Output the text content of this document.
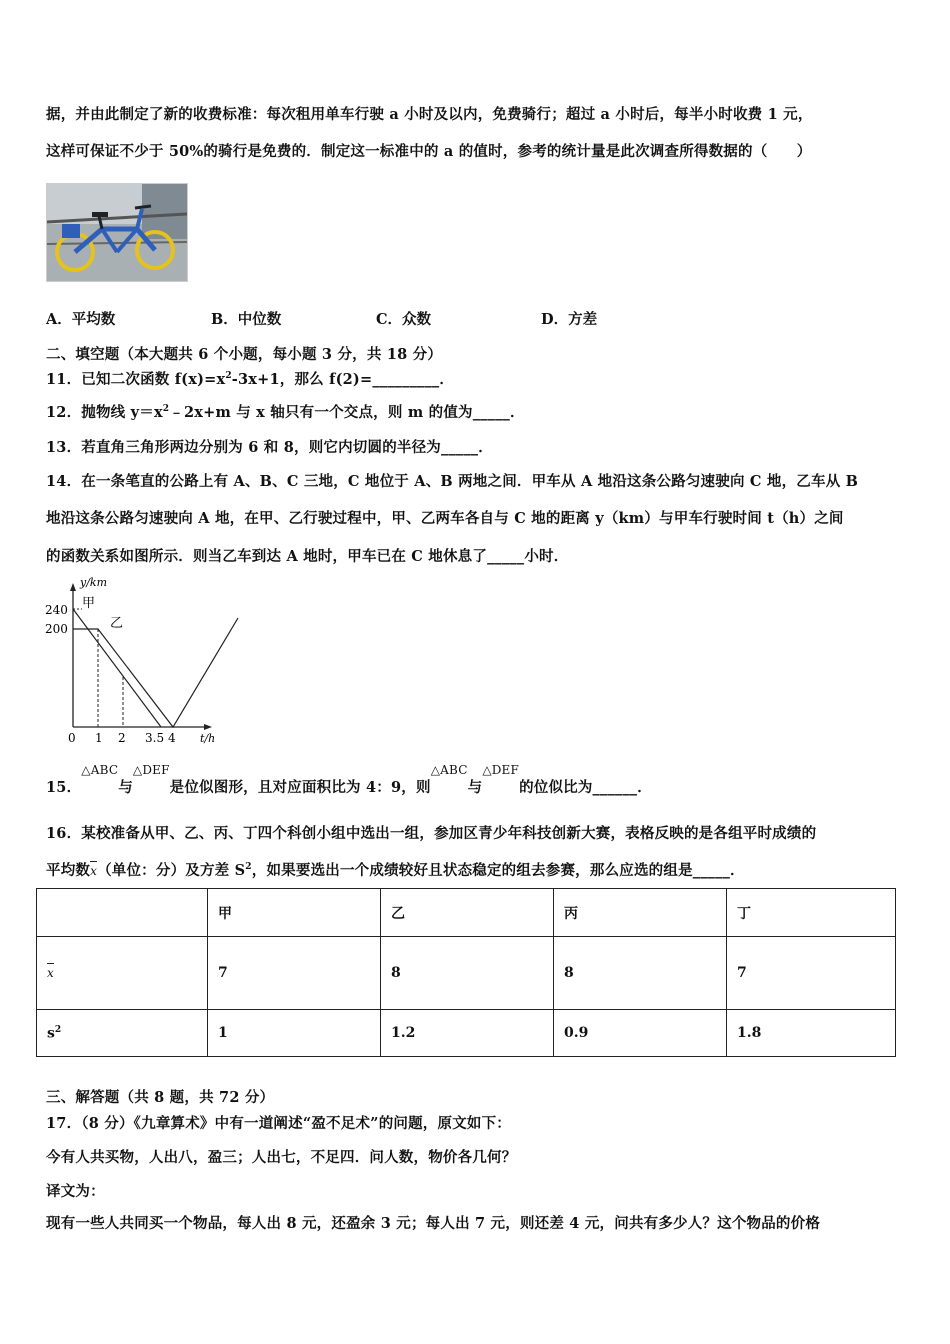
据，并由此制定了新的收费标准：每次租用单车行驶 a 小时及以内，免费骑行；超过 a 小时后，每半小时收费 1 元，
这样可保证不少于 50%的骑行是免费的．制定这一标准中的 a 的值时，参考的统计量是此次调查所得数据的（　　）
A．平均数	B．中位数	C．众数	D．方差
二、填空题（本大题共 6 个小题，每小题 3 分，共 18 分）
11．已知二次函数 $f(x)=x^2-3x+1$，那么 f(2)=_________．
12．抛物线 $y=x^2﹣2x+m$ 与 x 轴只有一个交点，则 m 的值为_____．
13．若直角三角形两边分别为 6 和 8，则它内切圆的半径为_____．
14．在一条笔直的公路上有 A、B、C 三地，C 地位于 A、B 两地之间．甲车从 A 地沿这条公路匀速驶向 C 地，乙车从 B
地沿这条公路匀速驶向 A 地，在甲、乙行驶过程中，甲、乙两车各自与 C 地的距离 y（km）与甲车行驶时间 t（h）之间
的函数关系如图所示．则当乙车到达 A 地时，甲车已在 C 地休息了_____小时．
y/km
t/h
240
200
0 1 2 3.5 4
甲
乙
15．$^{\triangle ABC}$与$^{\triangle DEF}$是位似图形，且对应面积比为 4：9，则$^{\triangle ABC}$与$^{\triangle DEF}$的位似比为______．
16．某校准备从甲、乙、丙、丁四个科创小组中选出一组，参加区青少年科技创新大赛，表格反映的是各组平时成绩的
平均数x（单位：分）及方差 $S^2$，如果要选出一个成绩较好且状态稳定的组去参赛，那么应选的组是_____．
	甲	乙	丙	丁
x	7	8	8	7
$s^2$	1	1.2	0.9	1.8
三、解答题（共 8 题，共 72 分）
17．（8 分）《九章算术》中有一道阐述“盈不足术”的问题，原文如下：
今有人共买物，人出八，盈三；人出七，不足四．问人数，物价各几何？
译文为：
现有一些人共同买一个物品，每人出 8 元，还盈余 3 元；每人出 7 元，则还差 4 元，问共有多少人？这个物品的价格
